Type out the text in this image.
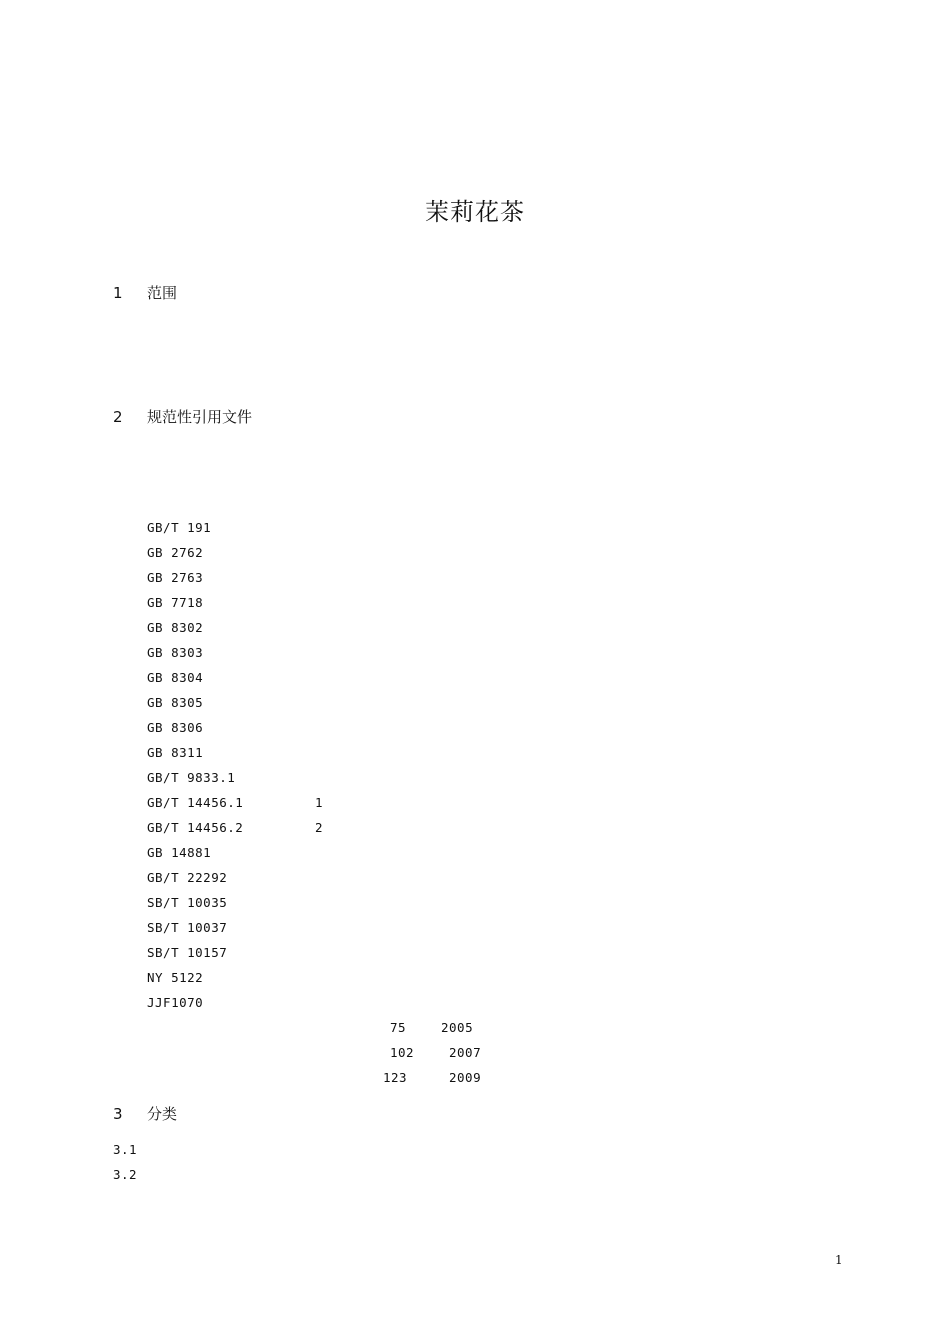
茉莉花茶
1 范围
2 规范性引用文件
GB/T 191
GB 2762
GB 2763
GB 7718
GB 8302
GB 8303
GB 8304
GB 8305
GB 8306
GB 8311
GB/T 9833.1
GB/T 14456.1	1
GB/T 14456.2	2
GB 14881
GB/T 22292
SB/T 10035
SB/T 10037
SB/T 10157
NY 5122
JJF1070
75	2005
102	2007
123	2009
3 分类
3.1
3.2
1
